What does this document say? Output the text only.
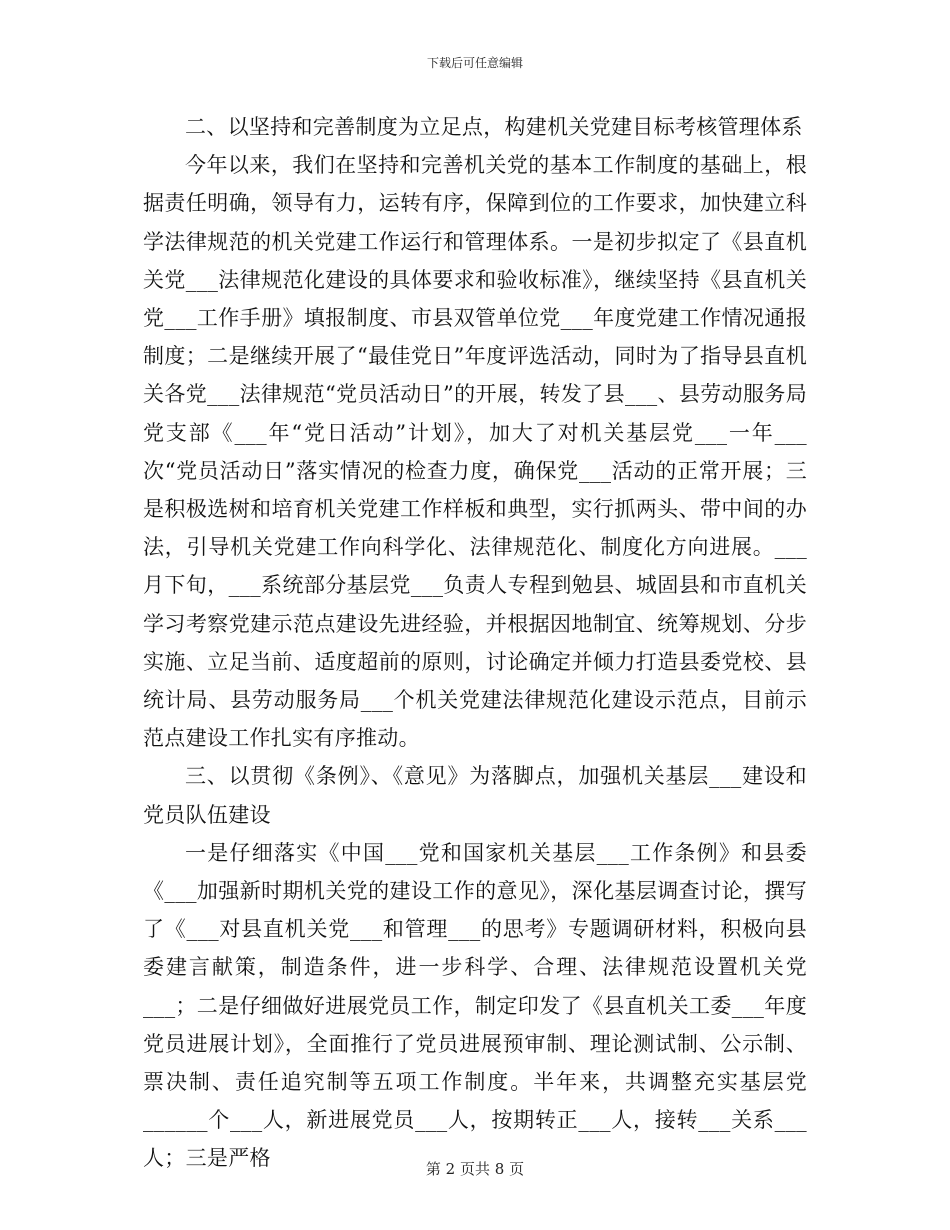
下载后可任意编辑

二、以坚持和完善制度为立足点，构建机关党建目标考核管理体系

今年以来，我们在坚持和完善机关党的基本工作制度的基础上，根据责任明确，领导有力，运转有序，保障到位的工作要求，加快建立科学法律规范的机关党建工作运行和管理体系。一是初步拟定了《县直机关党___法律规范化建设的具体要求和验收标准》，继续坚持《县直机关党___工作手册》填报制度、市县双管单位党___年度党建工作情况通报制度；二是继续开展了“最佳党日”年度评选活动，同时为了指导县直机关各党___法律规范“党员活动日”的开展，转发了县___、县劳动服务局党支部《___年“党日活动”计划》，加大了对机关基层党___一年___次“党员活动日”落实情况的检查力度，确保党___活动的正常开展；三是积极选树和培育机关党建工作样板和典型，实行抓两头、带中间的办法，引导机关党建工作向科学化、法律规范化、制度化方向进展。___月下旬，___系统部分基层党___负责人专程到勉县、城固县和市直机关学习考察党建示范点建设先进经验，并根据因地制宜、统筹规划、分步实施、立足当前、适度超前的原则，讨论确定并倾力打造县委党校、县统计局、县劳动服务局___个机关党建法律规范化建设示范点，目前示范点建设工作扎实有序推动。

三、以贯彻《条例》、《意见》为落脚点，加强机关基层___建设和党员队伍建设

一是仔细落实《中国___党和国家机关基层___工作条例》和县委《___加强新时期机关党的建设工作的意见》，深化基层调查讨论，撰写了《___对县直机关党___和管理___的思考》专题调研材料，积极向县委建言献策，制造条件，进一步科学、合理、法律规范设置机关党___；二是仔细做好进展党员工作，制定印发了《县直机关工委___年度党员进展计划》，全面推行了党员进展预审制、理论测试制、公示制、票决制、责任追究制等五项工作制度。半年来，共调整充实基层党______个___人，新进展党员___人，按期转正___人，接转___关系___人；三是严格	第 2 页共 8 页
